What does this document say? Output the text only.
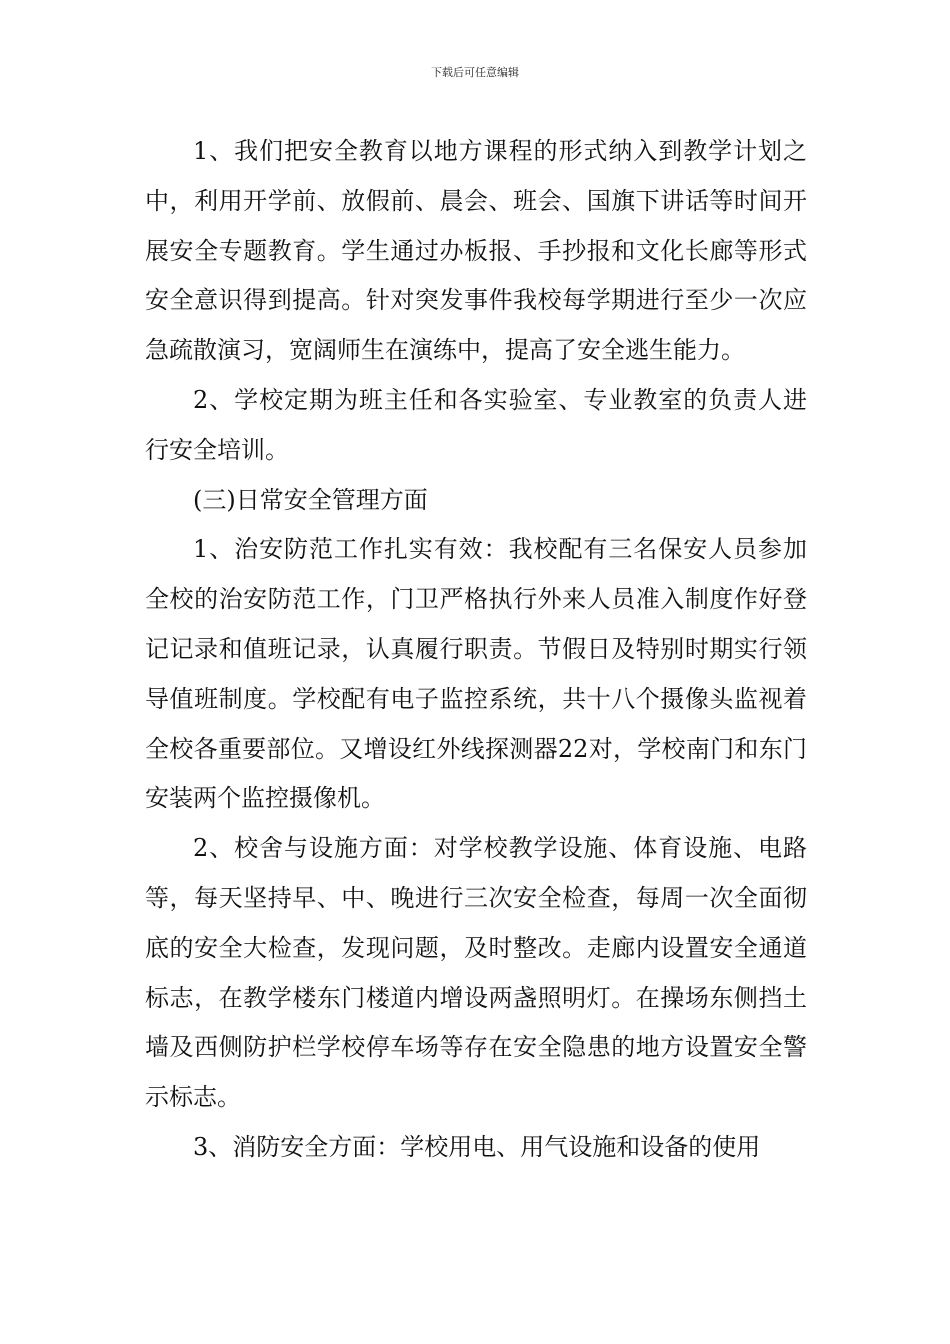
下载后可任意编辑

1、我们把安全教育以地方课程的形式纳入到教学计划之中，利用开学前、放假前、晨会、班会、国旗下讲话等时间开展安全专题教育。学生通过办板报、手抄报和文化长廊等形式安全意识得到提高。针对突发事件我校每学期进行至少一次应急疏散演习，宽阔师生在演练中，提高了安全逃生能力。

2、学校定期为班主任和各实验室、专业教室的负责人进行安全培训。

(三)日常安全管理方面

1、治安防范工作扎实有效：我校配有三名保安人员参加全校的治安防范工作，门卫严格执行外来人员准入制度作好登记记录和值班记录，认真履行职责。节假日及特别时期实行领导值班制度。学校配有电子监控系统，共十八个摄像头监视着全校各重要部位。又增设红外线探测器22对，学校南门和东门安装两个监控摄像机。

2、校舍与设施方面：对学校教学设施、体育设施、电路等，每天坚持早、中、晚进行三次安全检查，每周一次全面彻底的安全大检查，发现问题，及时整改。走廊内设置安全通道标志，在教学楼东门楼道内增设两盏照明灯。在操场东侧挡土墙及西侧防护栏学校停车场等存在安全隐患的地方设置安全警示标志。

3、消防安全方面：学校用电、用气设施和设备的使用
